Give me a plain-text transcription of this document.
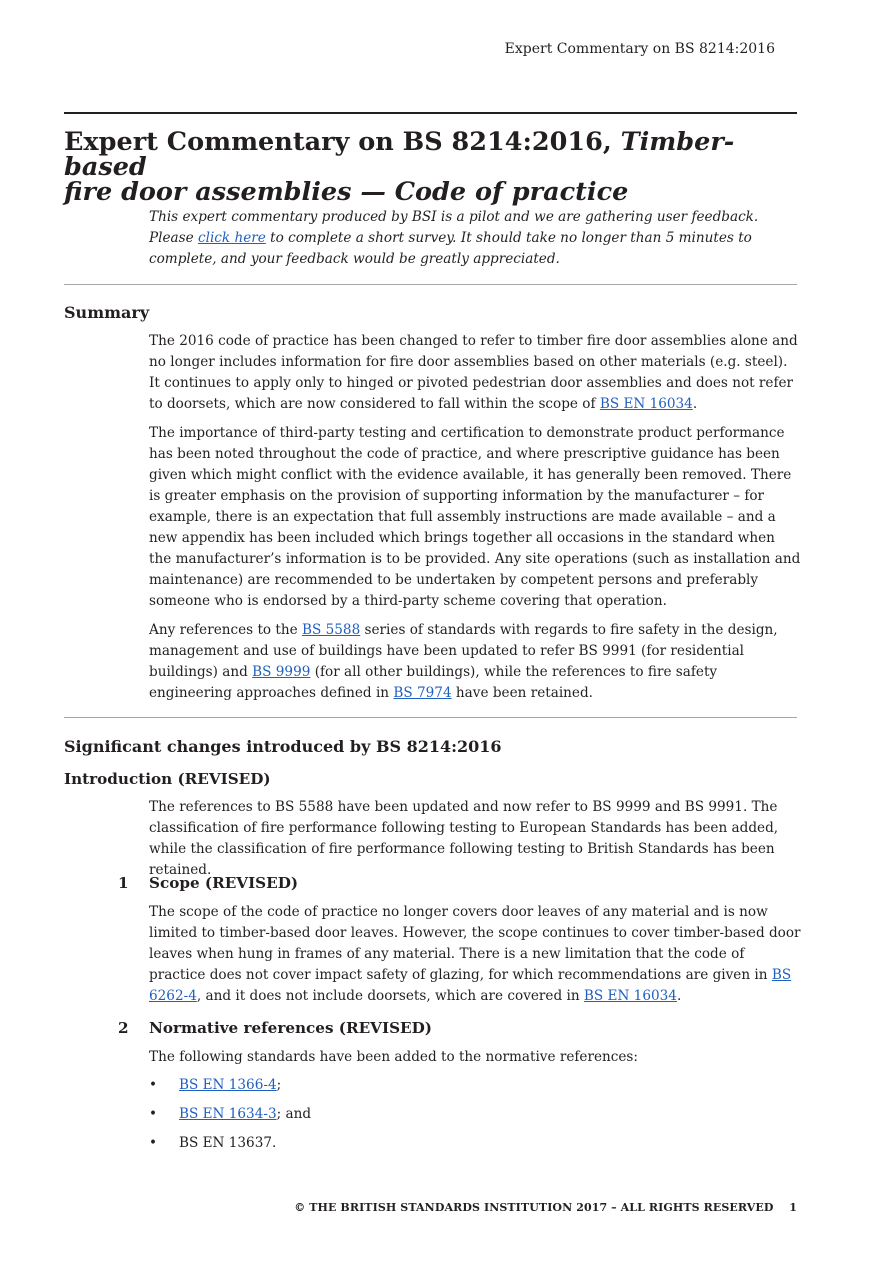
Expert Commentary on BS 8214:2016
Expert Commentary on BS 8214:2016, Timber-based
fire door assemblies — Code of practice

This expert commentary produced by BSI is a pilot and we are gathering user feedback.
Please click here to complete a short survey. It should take no longer than 5 minutes to complete, and your feedback would be greatly appreciated.

Summary

The 2016 code of practice has been changed to refer to timber fire door assemblies alone and no longer includes information for fire door assemblies based on other materials (e.g. steel). It continues to apply only to hinged or pivoted pedestrian door assemblies and does not refer to doorsets, which are now considered to fall within the scope of BS EN 16034.

The importance of third-party testing and certification to demonstrate product performance has been noted throughout the code of practice, and where prescriptive guidance has been given which might conflict with the evidence available, it has generally been removed. There is greater emphasis on the provision of supporting information by the manufacturer – for example, there is an expectation that full assembly instructions are made available – and a new appendix has been included which brings together all occasions in the standard when the manufacturer’s information is to be provided. Any site operations (such as installation and maintenance) are recommended to be undertaken by competent persons and preferably someone who is endorsed by a third-party scheme covering that operation.

Any references to the BS 5588 series of standards with regards to fire safety in the design, management and use of buildings have been updated to refer BS 9991 (for residential buildings) and BS 9999 (for all other buildings), while the references to fire safety engineering approaches defined in BS 7974 have been retained.

Significant changes introduced by BS 8214:2016
Introduction (REVISED)

The references to BS 5588 have been updated and now refer to BS 9999 and BS 9991. The classification of fire performance following testing to European Standards has been added, while the classification of fire performance following testing to British Standards has been retained.

1 Scope (REVISED)

The scope of the code of practice no longer covers door leaves of any material and is now limited to timber-based door leaves. However, the scope continues to cover timber-based door leaves when hung in frames of any material. There is a new limitation that the code of practice does not cover impact safety of glazing, for which recommendations are given in BS 6262-4, and it does not include doorsets, which are covered in BS EN 16034.

2 Normative references (REVISED)

The following standards have been added to the normative references:

• BS EN 1366-4;
• BS EN 1634-3; and
• BS EN 13637.
© THE BRITISH STANDARDS INSTITUTION 2017 – ALL RIGHTS RESERVED 1
